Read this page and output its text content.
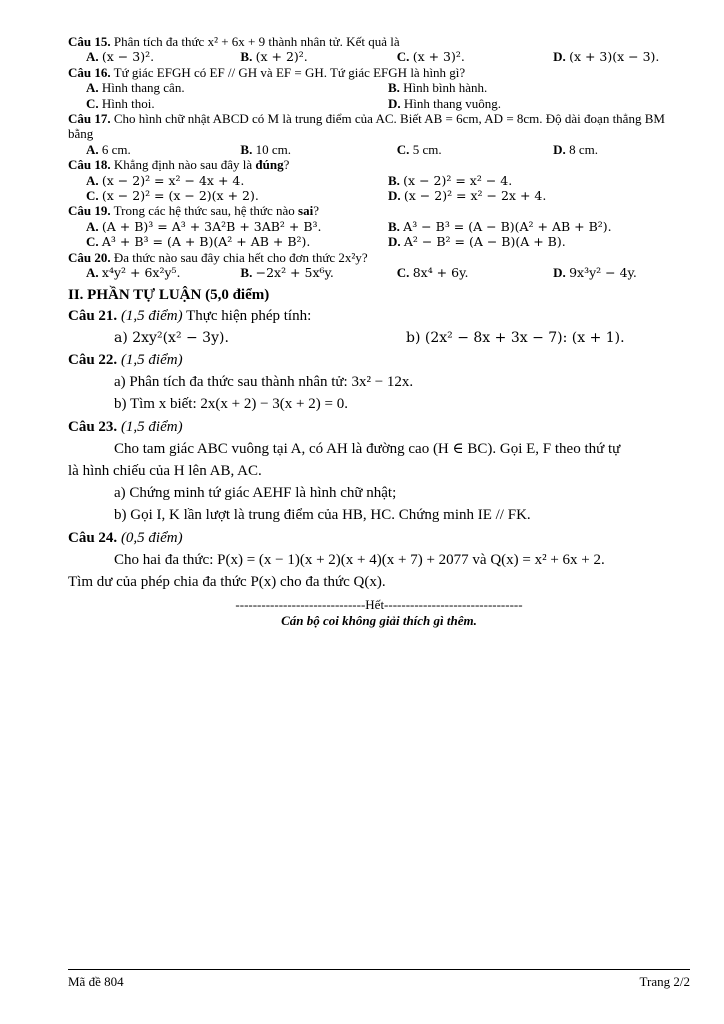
Câu 15. Phân tích đa thức x² + 6x + 9 thành nhân tử. Kết quả là
A. (x − 3)².	B. (x + 2)².	C. (x + 3)².	D. (x + 3)(x − 3).
Câu 16. Tứ giác EFGH có EF // GH và EF = GH. Tứ giác EFGH là hình gì?
A. Hình thang cân.	B. Hình bình hành.
C. Hình thoi.	D. Hình thang vuông.
Câu 17. Cho hình chữ nhật ABCD có M là trung điểm của AC. Biết AB = 6cm, AD = 8cm. Độ dài đoạn thẳng BM bằng
A. 6 cm.	B. 10 cm.	C. 5 cm.	D. 8 cm.
Câu 18. Khẳng định nào sau đây là đúng?
A. (x − 2)² = x² − 4x + 4.	B. (x − 2)² = x² − 4.
C. (x − 2)² = (x − 2)(x + 2).	D. (x − 2)² = x² − 2x + 4.
Câu 19. Trong các hệ thức sau, hệ thức nào sai?
A. (A + B)³ = A³ + 3A²B + 3AB² + B³.	B. A³ − B³ = (A − B)(A² + AB + B²).
C. A³ + B³ = (A + B)(A² + AB + B²).	D. A² − B² = (A − B)(A + B).
Câu 20. Đa thức nào sau đây chia hết cho đơn thức 2x²y?
A. x⁴y² + 6x²y⁵.	B. −2x² + 5x⁶y.	C. 8x⁴ + 6y.	D. 9x³y² − 4y.
II. PHẦN TỰ LUẬN (5,0 điểm)
Câu 21. (1,5 điểm) Thực hiện phép tính:
a) 2xy²(x² − 3y).	b) (2x² − 8x + 3x − 7): (x + 1).
Câu 22. (1,5 điểm)
a) Phân tích đa thức sau thành nhân tử: 3x² − 12x.
b) Tìm x biết: 2x(x + 2) − 3(x + 2) = 0.
Câu 23. (1,5 điểm)
Cho tam giác ABC vuông tại A, có AH là đường cao (H ∈ BC). Gọi E, F theo thứ tự
là hình chiếu của H lên AB, AC.
a) Chứng minh tứ giác AEHF là hình chữ nhật;
b) Gọi I, K lần lượt là trung điểm của HB, HC. Chứng minh IE // FK.
Câu 24. (0,5 điểm)
Cho hai đa thức: P(x) = (x − 1)(x + 2)(x + 4)(x + 7) + 2077 và Q(x) = x² + 6x + 2.
Tìm dư của phép chia đa thức P(x) cho đa thức Q(x).
------------------------------Hết--------------------------------
Cán bộ coi không giải thích gì thêm.
Mã đề 804	Trang 2/2
